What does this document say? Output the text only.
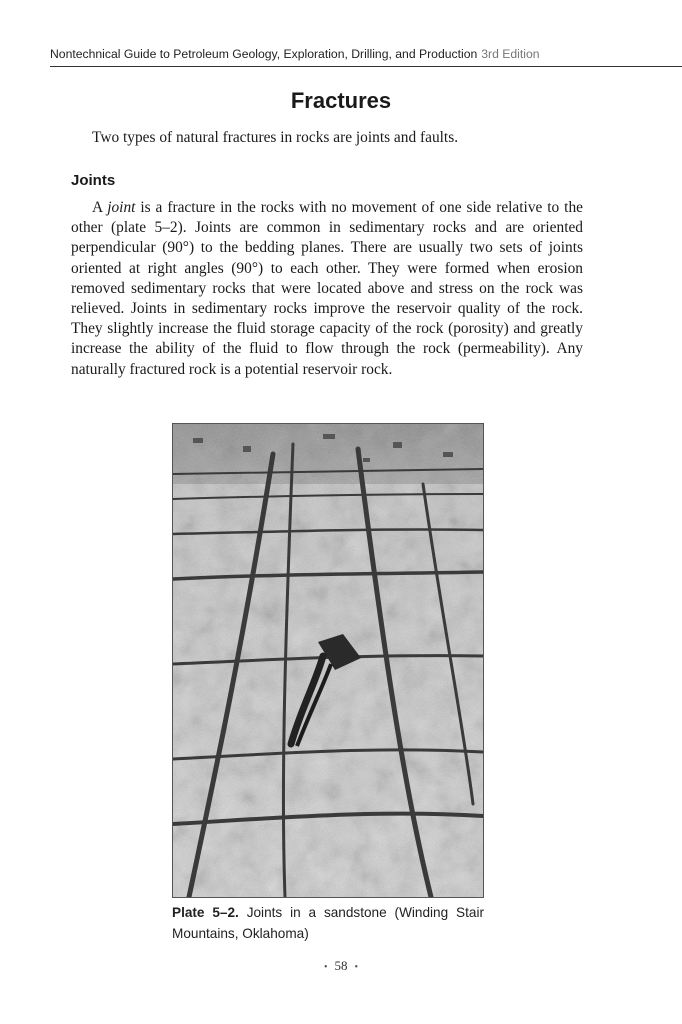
Nontechnical Guide to Petroleum Geology, Exploration, Drilling, and Production 3rd Edition
Fractures
Two types of natural fractures in rocks are joints and faults.
Joints

A joint is a fracture in the rocks with no movement of one side relative to the other (plate 5–2). Joints are common in sedimentary rocks and are oriented perpendicular (90°) to the bedding planes. There are usually two sets of joints oriented at right angles (90°) to each other. They were formed when erosion removed sedimentary rocks that were located above and stress on the rock was relieved. Joints in sedimentary rocks improve the reservoir quality of the rock. They slightly increase the fluid storage capacity of the rock (porosity) and greatly increase the ability of the fluid to flow through the rock (permeability). Any naturally fractured rock is a potential reservoir rock.

Plate 5–2. Joints in a sandstone (Winding Stair Mountains, Oklahoma)
• 58 •
